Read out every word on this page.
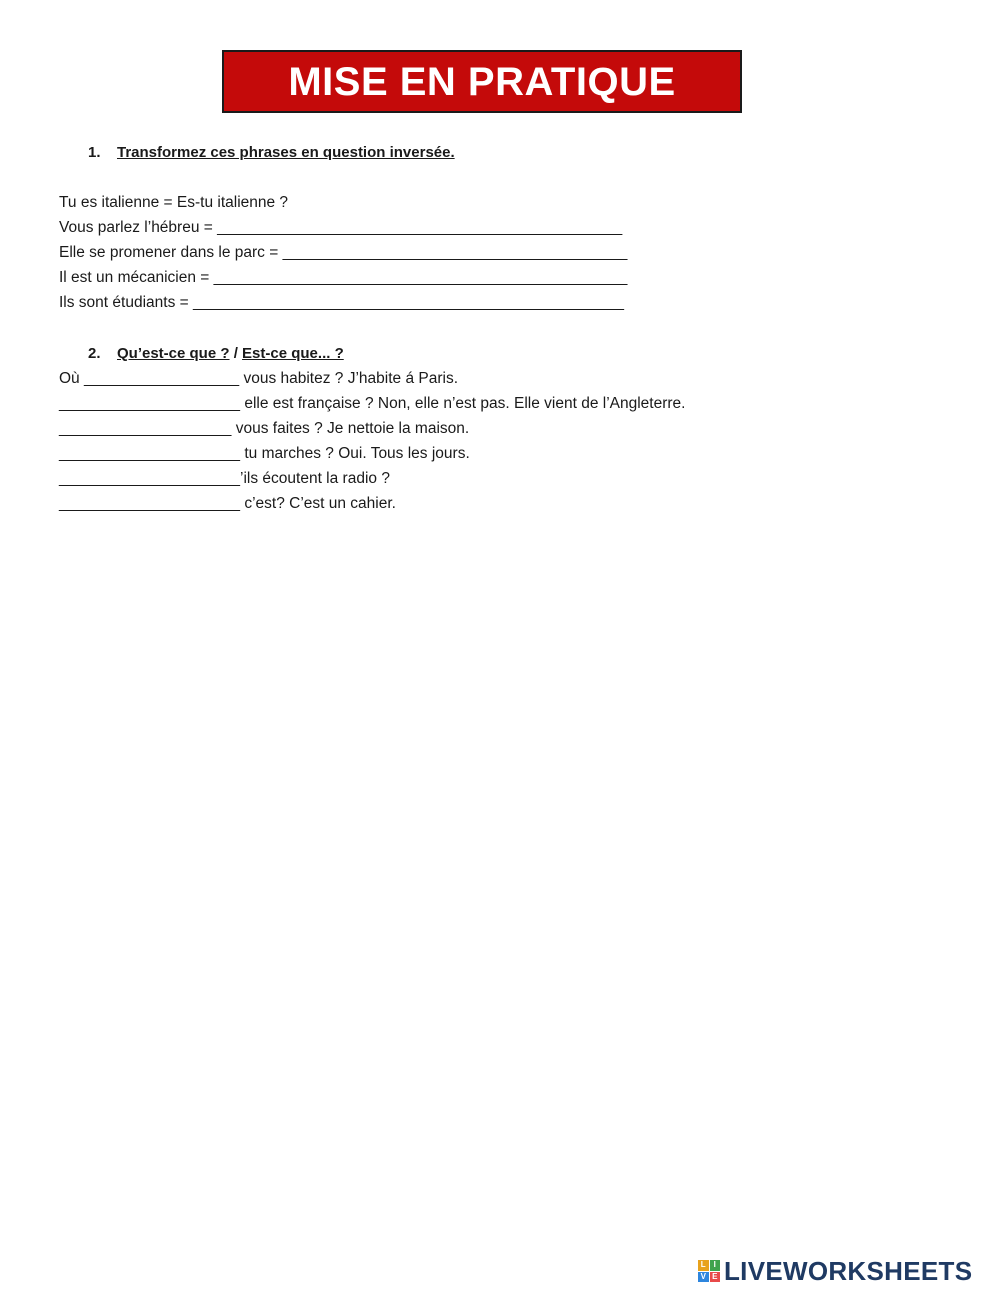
MISE EN PRATIQUE
1. Transformez ces phrases en question inversée.
Tu es italienne = Es-tu italienne ?
Vous parlez l’hébreu = _______________________________________________
Elle se promener dans le parc = ________________________________________
Il est un mécanicien = ________________________________________________
Ils sont étudiants = __________________________________________________
2. Qu’est-ce que ? / Est-ce que... ?
Où __________________ vous habitez ? J’habite á Paris.
_____________________ elle est française ? Non, elle n’est pas. Elle vient de l’Angleterre.
____________________ vous faites ? Je nettoie la maison.
_____________________ tu marches ? Oui. Tous les jours.
_____________________’ils écoutent la radio ?
_____________________ c’est? C’est un cahier.
L I
V E LIVEWORKSHEETS
